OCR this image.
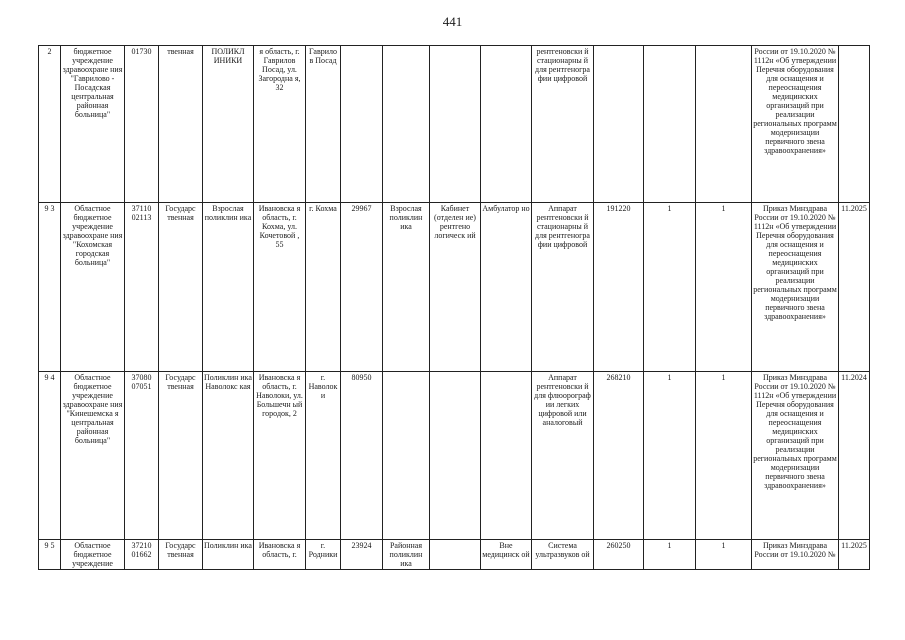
441
2	бюджетное учреждение здравоохране ния "Гаврилово - Посадская центральная районная больница"	01730	твенная	ПОЛИКЛ ИНИКИ	я область, г. Гаврилов Посад, ул. Загородна я, 32	Гаврило в Посад					рентгеновски й стационарны й для рентгеногра фии цифровой				России от 19.10.2020 № 1112н «Об утверждении Перечня оборудования для оснащения и переоснащения медицинских организаций при реализации региональных программ модернизации первичного звена здравоохранения»	
9 3	Областное бюджетное учреждение здравоохране ния "Кохомская городская больница"	37110 02113	Государс твенная	Взрослая поликлин ика	Ивановска я область, г. Кохма, ул. Кочетовой , 55	г. Кохма	29967	Взрослая поликлин ика	Кабинет (отделен ие) рентгено логическ ий	Амбулатор но	Аппарат рентгеновски й стационарны й для рентгеногра фии цифровой	191220	1	1	Приказ Минздрава России от 19.10.2020 № 1112н «Об утверждении Перечня оборудования для оснащения и переоснащения медицинских организаций при реализации региональных программ модернизации первичного звена здравоохранения»	11.2025
9 4	Областное бюджетное учреждение здравоохране ния "Кинешемска я центральная районная больница"	37080 07051	Государс твенная	Поликлин ика Наволокс кая	Ивановска я область, г. Наволоки, ул. Большечн ый городок, 2	г. Наволок и	80950				Аппарат рентгеновски й для флюорограф ии легких цифровой или аналоговый	268210	1	1	Приказ Минздрава России от 19.10.2020 № 1112н «Об утверждении Перечня оборудования для оснащения и переоснащения медицинских организаций при реализации региональных программ модернизации первичного звена здравоохранения»	11.2024
9 5	Областное бюджетное учреждение	37210 01662	Государс твенная	Поликлин ика	Ивановска я область, г.	г. Родники	23924	Районная поликлин ика		Вне медицинск ой	Система ультразвуков ой	260250	1	1	Приказ Минздрава России от 19.10.2020 №	11.2025
